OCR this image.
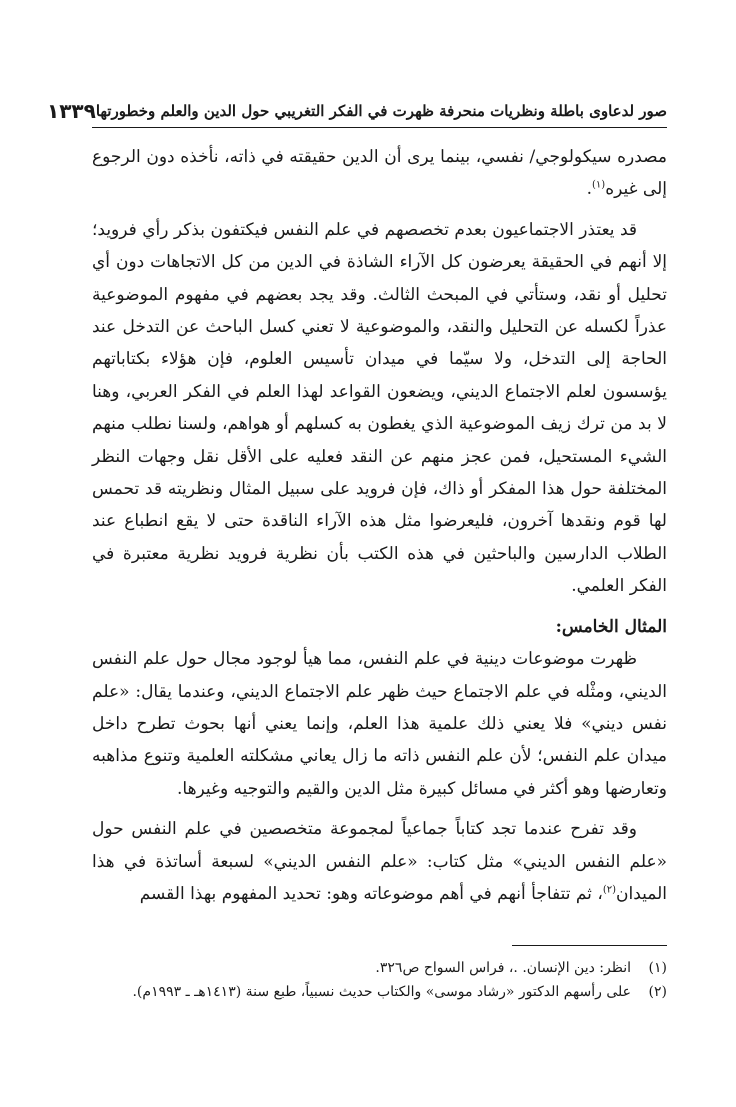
صور لدعاوى باطلة ونظريات منحرفة ظهرت في الفكر التغريبي حول الدين والعلم وخطورتها
١٣٣٩

مصدره سيكولوجي/ نفسي، بينما يرى أن الدين حقيقته في ذاته، نأخذه دون الرجوع إلى غيره$^{(١)}$.

قد يعتذر الاجتماعيون بعدم تخصصهم في علم النفس فيكتفون بذكر رأي فرويد؛ إلا أنهم في الحقيقة يعرضون كل الآراء الشاذة في الدين من كل الاتجاهات دون أي تحليل أو نقد، وستأتي في المبحث الثالث. وقد يجد بعضهم في مفهوم الموضوعية عذراً لكسله عن التحليل والنقد، والموضوعية لا تعني كسل الباحث عن التدخل عند الحاجة إلى التدخل، ولا سيّما في ميدان تأسيس العلوم، فإن هؤلاء بكتاباتهم يؤسسون لعلم الاجتماع الديني، ويضعون القواعد لهذا العلم في الفكر العربي، وهنا لا بد من ترك زيف الموضوعية الذي يغطون به كسلهم أو هواهم، ولسنا نطلب منهم الشيء المستحيل، فمن عجز منهم عن النقد فعليه على الأقل نقل وجهات النظر المختلفة حول هذا المفكر أو ذاك، فإن فرويد على سبيل المثال ونظريته قد تحمس لها قوم ونقدها آخرون، فليعرضوا مثل هذه الآراء الناقدة حتى لا يقع انطباع عند الطلاب الدارسين والباحثين في هذه الكتب بأن نظرية فرويد نظرية معتبرة في الفكر العلمي.

المثال الخامس:

ظهرت موضوعات دينية في علم النفس، مما هيأ لوجود مجال حول علم النفس الديني، ومثْله في علم الاجتماع حيث ظهر علم الاجتماع الديني، وعندما يقال: «علم نفس ديني» فلا يعني ذلك علمية هذا العلم، وإنما يعني أنها بحوث تطرح داخل ميدان علم النفس؛ لأن علم النفس ذاته ما زال يعاني مشكلته العلمية وتنوع مذاهبه وتعارضها وهو أكثر في مسائل كبيرة مثل الدين والقيم والتوجيه وغيرها.

وقد تفرح عندما تجد كتاباً جماعياً لمجموعة متخصصين في علم النفس حول «علم النفس الديني» مثل كتاب: «علم النفس الديني» لسبعة أساتذة في هذا الميدان$^{(٢)}$، ثم تتفاجأ أنهم في أهم موضوعاته وهو: تحديد المفهوم بهذا القسم

(١)
انظر: دين الإنسان. .، فراس السواح ص٣٢٦.

(٢)
على رأسهم الدكتور «رشاد موسى» والكتاب حديث نسبياً، طبع سنة (١٤١٣هـ ـ ١٩٩٣م).
